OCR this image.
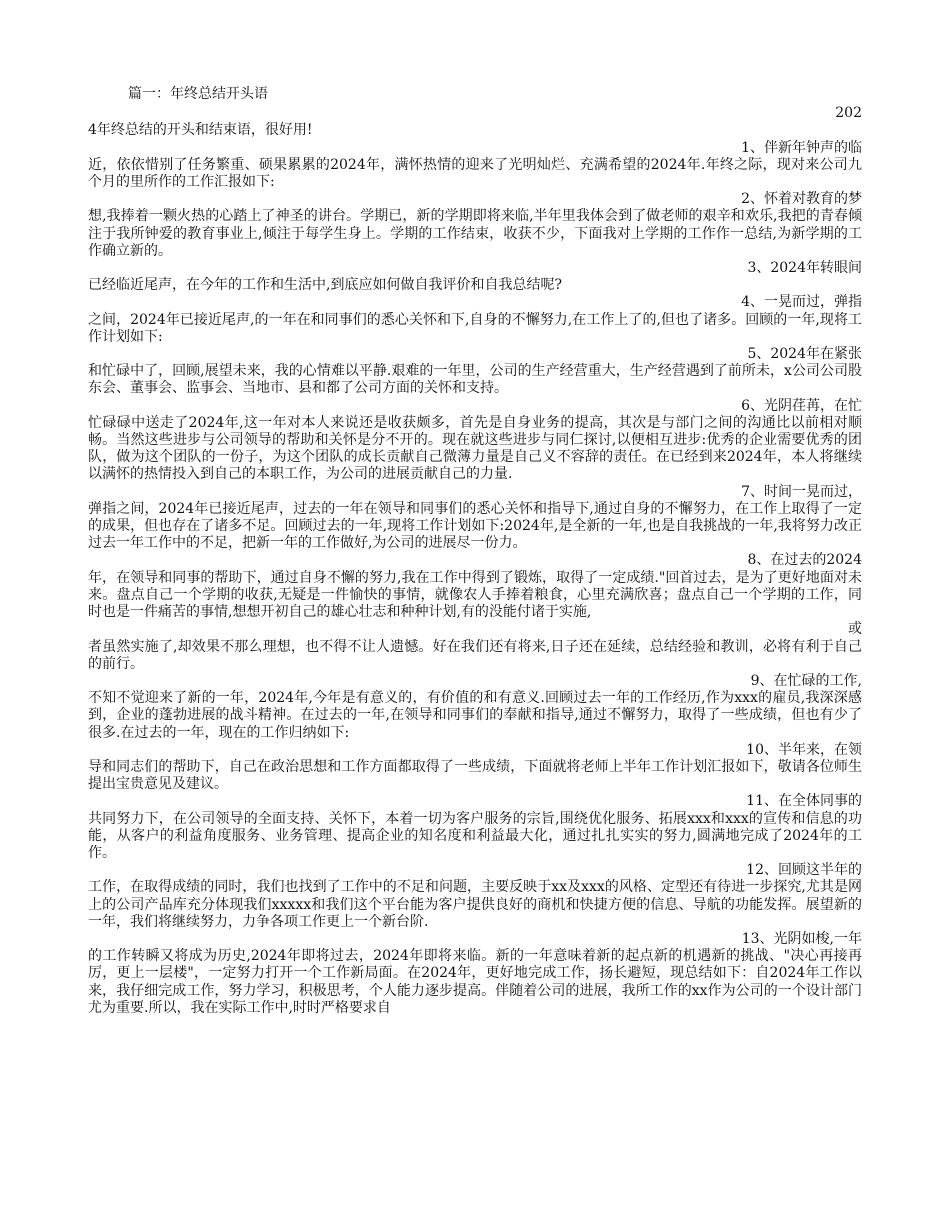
篇一：年终总结开头语

202

4年终总结的开头和结束语，很好用!

1、伴新年钟声的临

近，依依惜别了任务繁重、硕果累累的2024年，满怀热情的迎来了光明灿烂、充满希望的2024年.年终之际，现对来公司九个月的里所作的工作汇报如下:

2、怀着对教育的梦

想,我捧着一颗火热的心踏上了神圣的讲台。学期已，新的学期即将来临,半年里我体会到了做老师的艰辛和欢乐,我把的青春倾注于我所钟爱的教育事业上,倾注于每学生身上。学期的工作结束，收获不少，下面我对上学期的工作作一总结,为新学期的工作确立新的。

3、2024年转眼间

已经临近尾声，在今年的工作和生活中,到底应如何做自我评价和自我总结呢?

4、一晃而过，弹指

之间，2024年已接近尾声,的一年在和同事们的悉心关怀和下,自身的不懈努力,在工作上了的,但也了诸多。回顾的一年,现将工作计划如下:

5、2024年在紧张

和忙碌中了，回顾,展望未来，我的心情难以平静.艰难的一年里，公司的生产经营重大，生产经营遇到了前所未，x公司公司股东会、董事会、监事会、当地市、县和都了公司方面的关怀和支持。

6、光阴荏苒，在忙

忙碌碌中送走了2024年,这一年对本人来说还是收获颇多，首先是自身业务的提高，其次是与部门之间的沟通比以前相对顺畅。当然这些进步与公司领导的帮助和关怀是分不开的。现在就这些进步与同仁探讨,以便相互进步:优秀的企业需要优秀的团队，做为这个团队的一份子，为这个团队的成长贡献自己微薄力量是自己义不容辞的责任。在已经到来2024年，本人将继续以满怀的热情投入到自己的本职工作，为公司的进展贡献自己的力量.

7、时间一晃而过，

弹指之间，2024年已接近尾声，过去的一年在领导和同事们的悉心关怀和指导下,通过自身的不懈努力，在工作上取得了一定的成果，但也存在了诸多不足。回顾过去的一年,现将工作计划如下:2024年,是全新的一年,也是自我挑战的一年,我将努力改正过去一年工作中的不足，把新一年的工作做好,为公司的进展尽一份力。

8、在过去的2024

年，在领导和同事的帮助下，通过自身不懈的努力,我在工作中得到了锻炼，取得了一定成绩."回首过去，是为了更好地面对未来。盘点自己一个学期的收获,无疑是一件愉快的事情，就像农人手捧着粮食，心里充满欣喜；盘点自己一个学期的工作，同时也是一件痛苦的事情,想想开初自己的雄心壮志和种种计划,有的没能付诸于实施,

或

者虽然实施了,却效果不那么理想，也不得不让人遗憾。好在我们还有将来,日子还在延续，总结经验和教训，必将有利于自己的前行。

9、在忙碌的工作,

不知不觉迎来了新的一年，2024年,今年是有意义的，有价值的和有意义.回顾过去一年的工作经历,作为xxx的雇员,我深深感到，企业的蓬勃进展的战斗精神。在过去的一年,在领导和同事们的奉献和指导,通过不懈努力，取得了一些成绩，但也有少了很多.在过去的一年，现在的工作归纳如下:

10、半年来，在领

导和同志们的帮助下，自己在政治思想和工作方面都取得了一些成绩，下面就将老师上半年工作计划汇报如下，敬请各位师生提出宝贵意见及建议。

11、在全体同事的

共同努力下，在公司领导的全面支持、关怀下，本着一切为客户服务的宗旨,围绕优化服务、拓展xxx和xxx的宣传和信息的功能，从客户的利益角度服务、业务管理、提高企业的知名度和利益最大化，通过扎扎实实的努力,圆满地完成了2024年的工作。

12、回顾这半年的

工作，在取得成绩的同时，我们也找到了工作中的不足和问题，主要反映于xx及xxx的风格、定型还有待进一步探究,尤其是网上的公司产品库充分体现我们xxxxx和我们这个平台能为客户提供良好的商机和快捷方便的信息、导航的功能发挥。展望新的一年，我们将继续努力，力争各项工作更上一个新台阶.

13、光阴如梭,一年

的工作转瞬又将成为历史,2024年即将过去，2024年即将来临。新的一年意味着新的起点新的机遇新的挑战、"决心再接再厉，更上一层楼"，一定努力打开一个工作新局面。在2024年，更好地完成工作，扬长避短，现总结如下：自2024年工作以来，我仔细完成工作，努力学习，积极思考，个人能力逐步提高。伴随着公司的进展，我所工作的xx作为公司的一个设计部门尤为重要.所以，我在实际工作中,时时严格要求自
